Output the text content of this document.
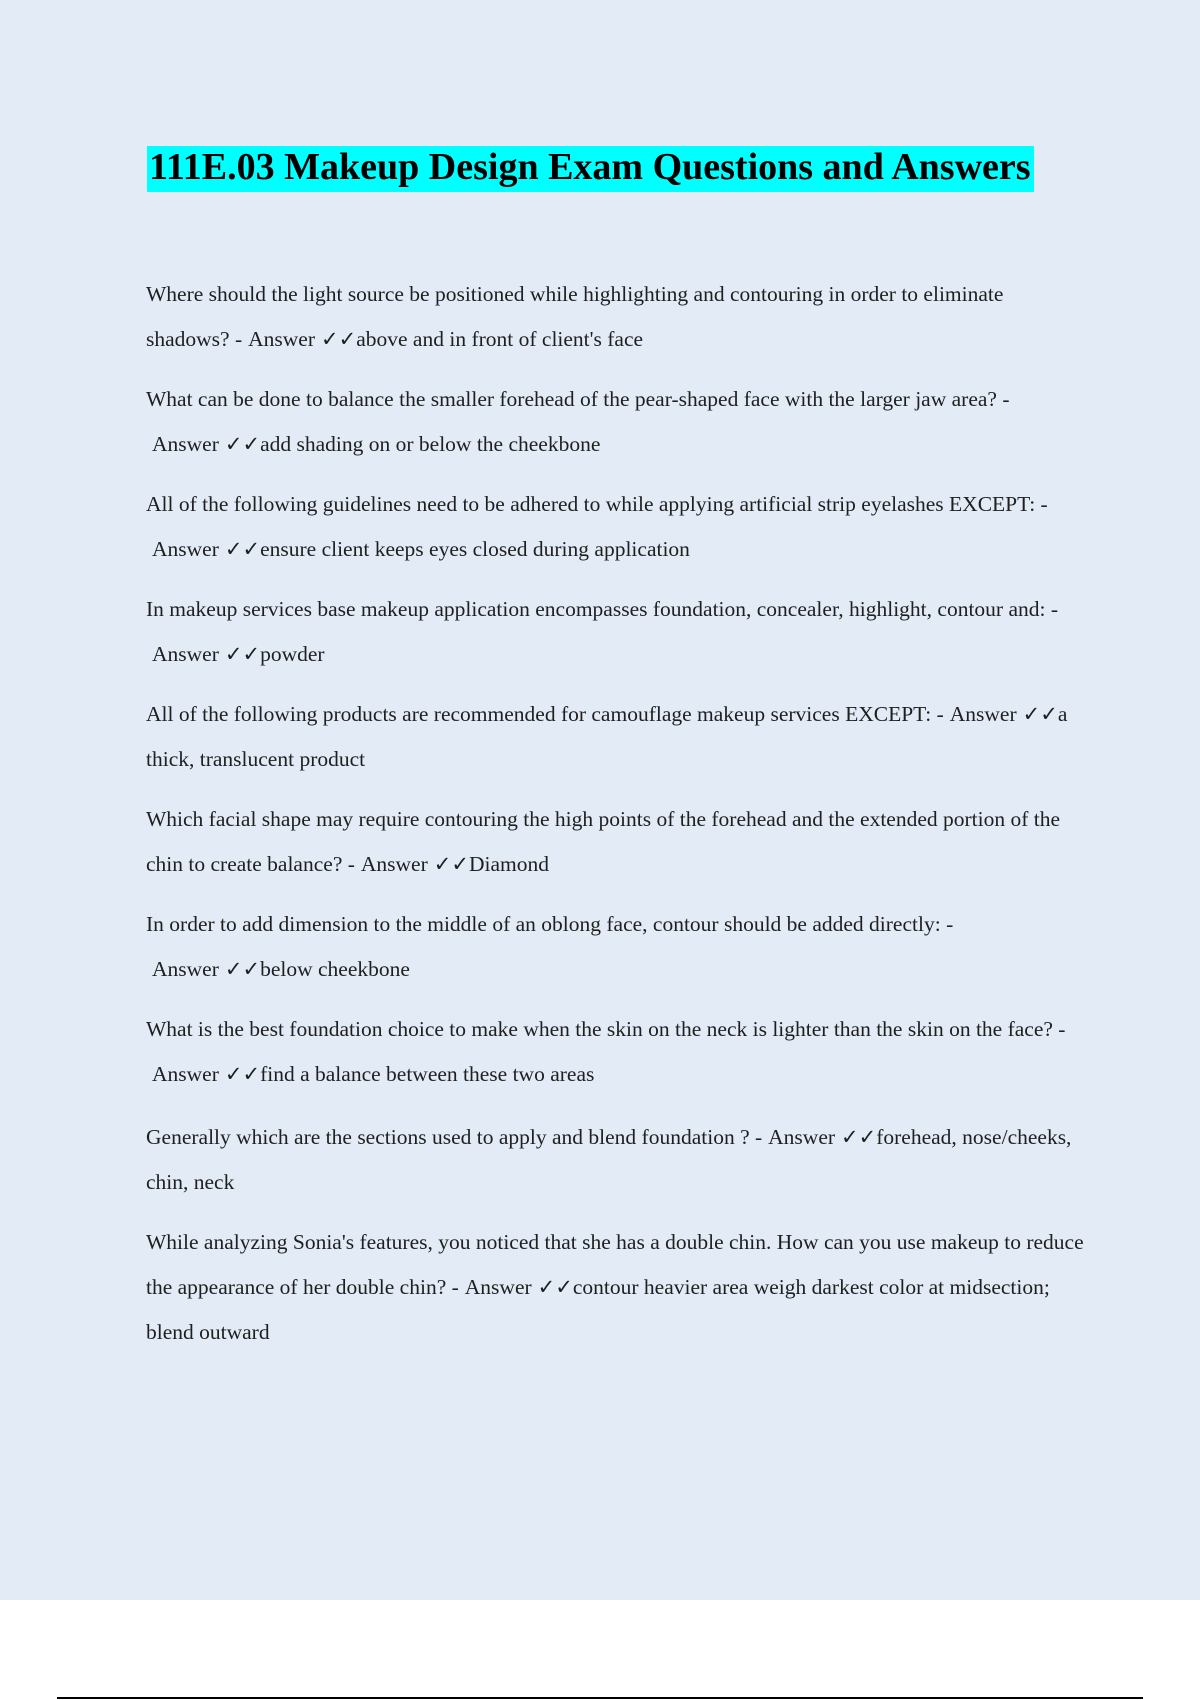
111E.03 Makeup Design Exam Questions and Answers

Where should the light source be positioned while highlighting and contouring in order to eliminate shadows? - Answer ✓✓above and in front of client's face

What can be done to balance the smaller forehead of the pear-shaped face with the larger jaw area? -Answer ✓✓add shading on or below the cheekbone

All of the following guidelines need to be adhered to while applying artificial strip eyelashes EXCEPT: -Answer ✓✓ensure client keeps eyes closed during application

In makeup services base makeup application encompasses foundation, concealer, highlight, contour and: -Answer ✓✓powder

All of the following products are recommended for camouflage makeup services EXCEPT: - Answer ✓✓a thick, translucent product

Which facial shape may require contouring the high points of the forehead and the extended portion of the chin to create balance? - Answer ✓✓Diamond

In order to add dimension to the middle of an oblong face, contour should be added directly: -Answer ✓✓below cheekbone

What is the best foundation choice to make when the skin on the neck is lighter than the skin on the face? -Answer ✓✓find a balance between these two areas

Generally which are the sections used to apply and blend foundation ? - Answer ✓✓forehead, nose/cheeks, chin, neck

While analyzing Sonia's features, you noticed that she has a double chin. How can you use makeup to reduce the appearance of her double chin? - Answer ✓✓contour heavier area weigh darkest color at midsection; blend outward
